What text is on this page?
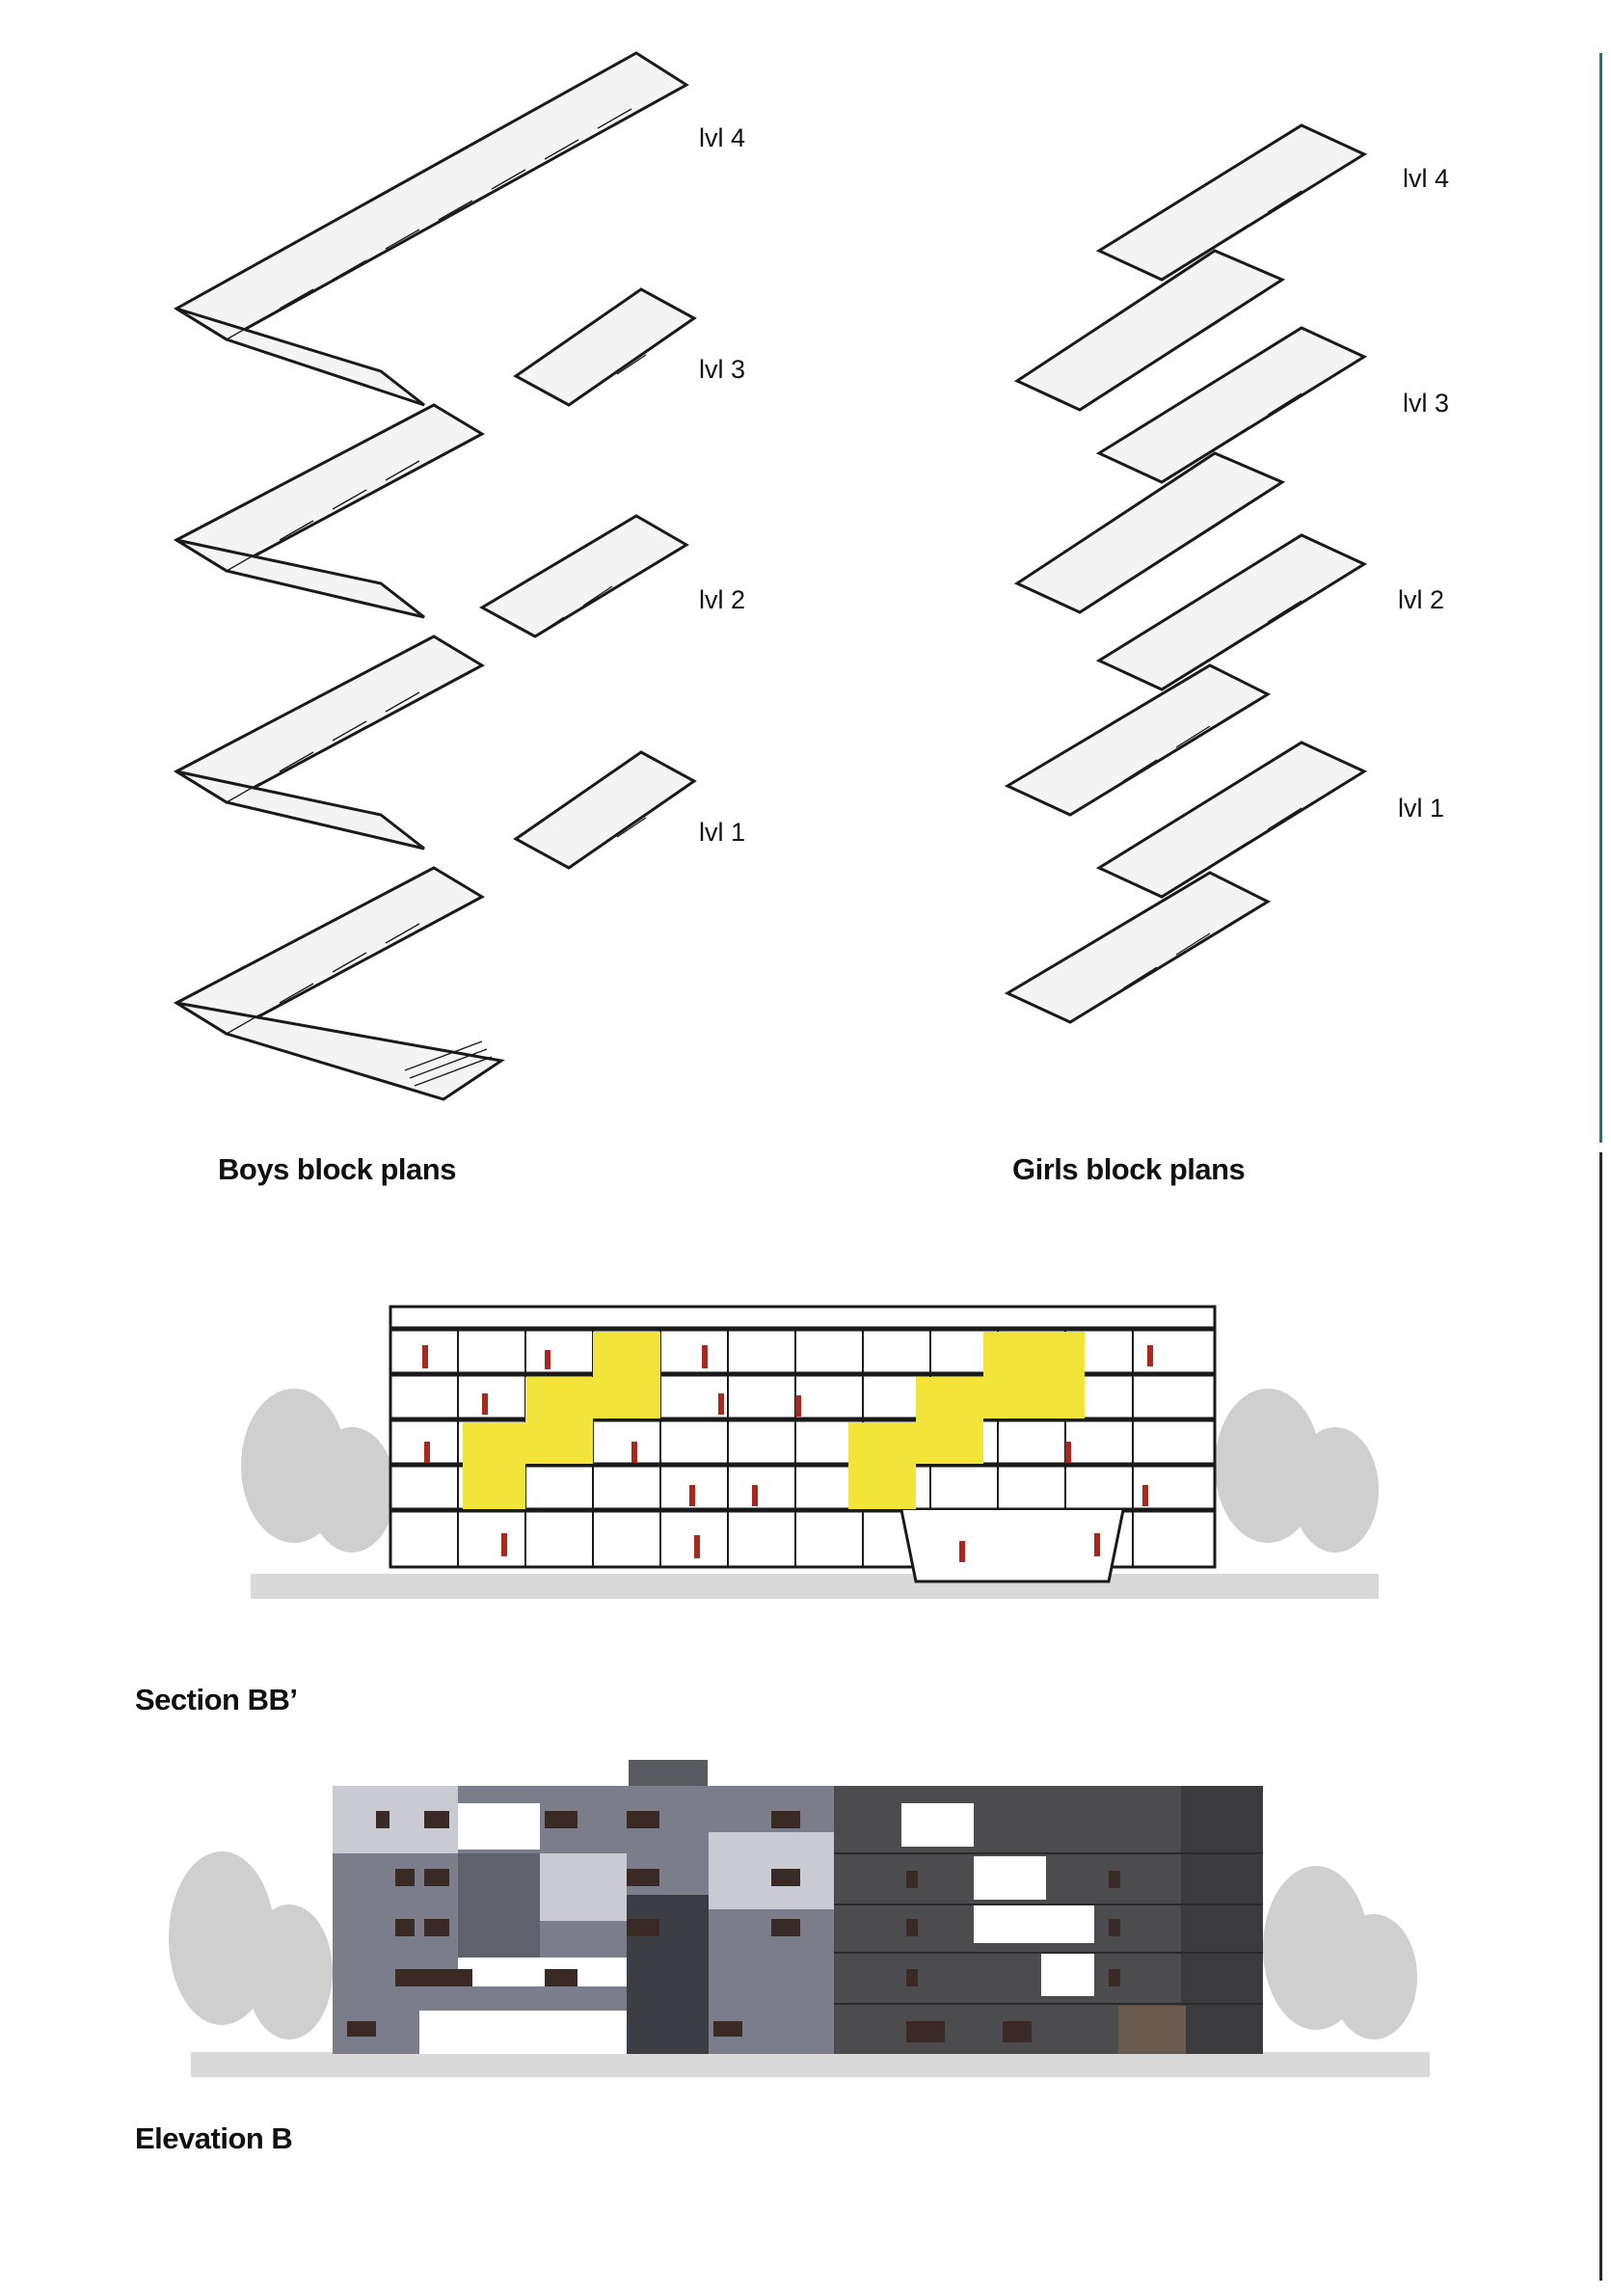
lvl 4
lvl 3
lvl 2
lvl 1
Boys block plans
lvl 4
lvl 3
lvl 2
lvl 1
Girls block plans
Section BB’
Elevation B
